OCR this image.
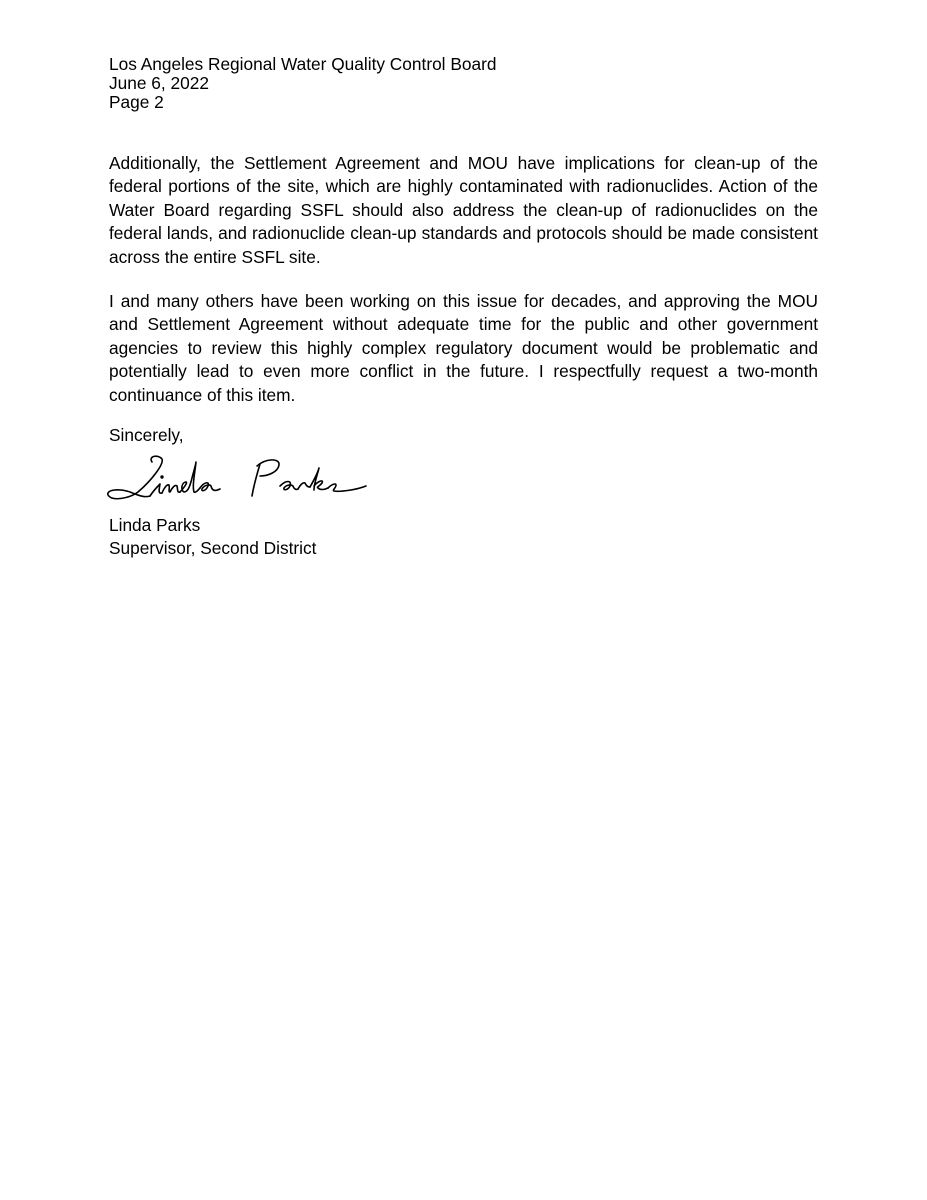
Los Angeles Regional Water Quality Control Board
June 6, 2022
Page 2

Additionally, the Settlement Agreement and MOU have implications for clean-up of the federal portions of the site, which are highly contaminated with radionuclides. Action of the Water Board regarding SSFL should also address the clean-up of radionuclides on the federal lands, and radionuclide clean-up standards and protocols should be made consistent across the entire SSFL site.

I and many others have been working on this issue for decades, and approving the MOU and Settlement Agreement without adequate time for the public and other government agencies to review this highly complex regulatory document would be problematic and potentially lead to even more conflict in the future. I respectfully request a two-month continuance of this item.

Sincerely,
Linda Parks
Supervisor, Second District
